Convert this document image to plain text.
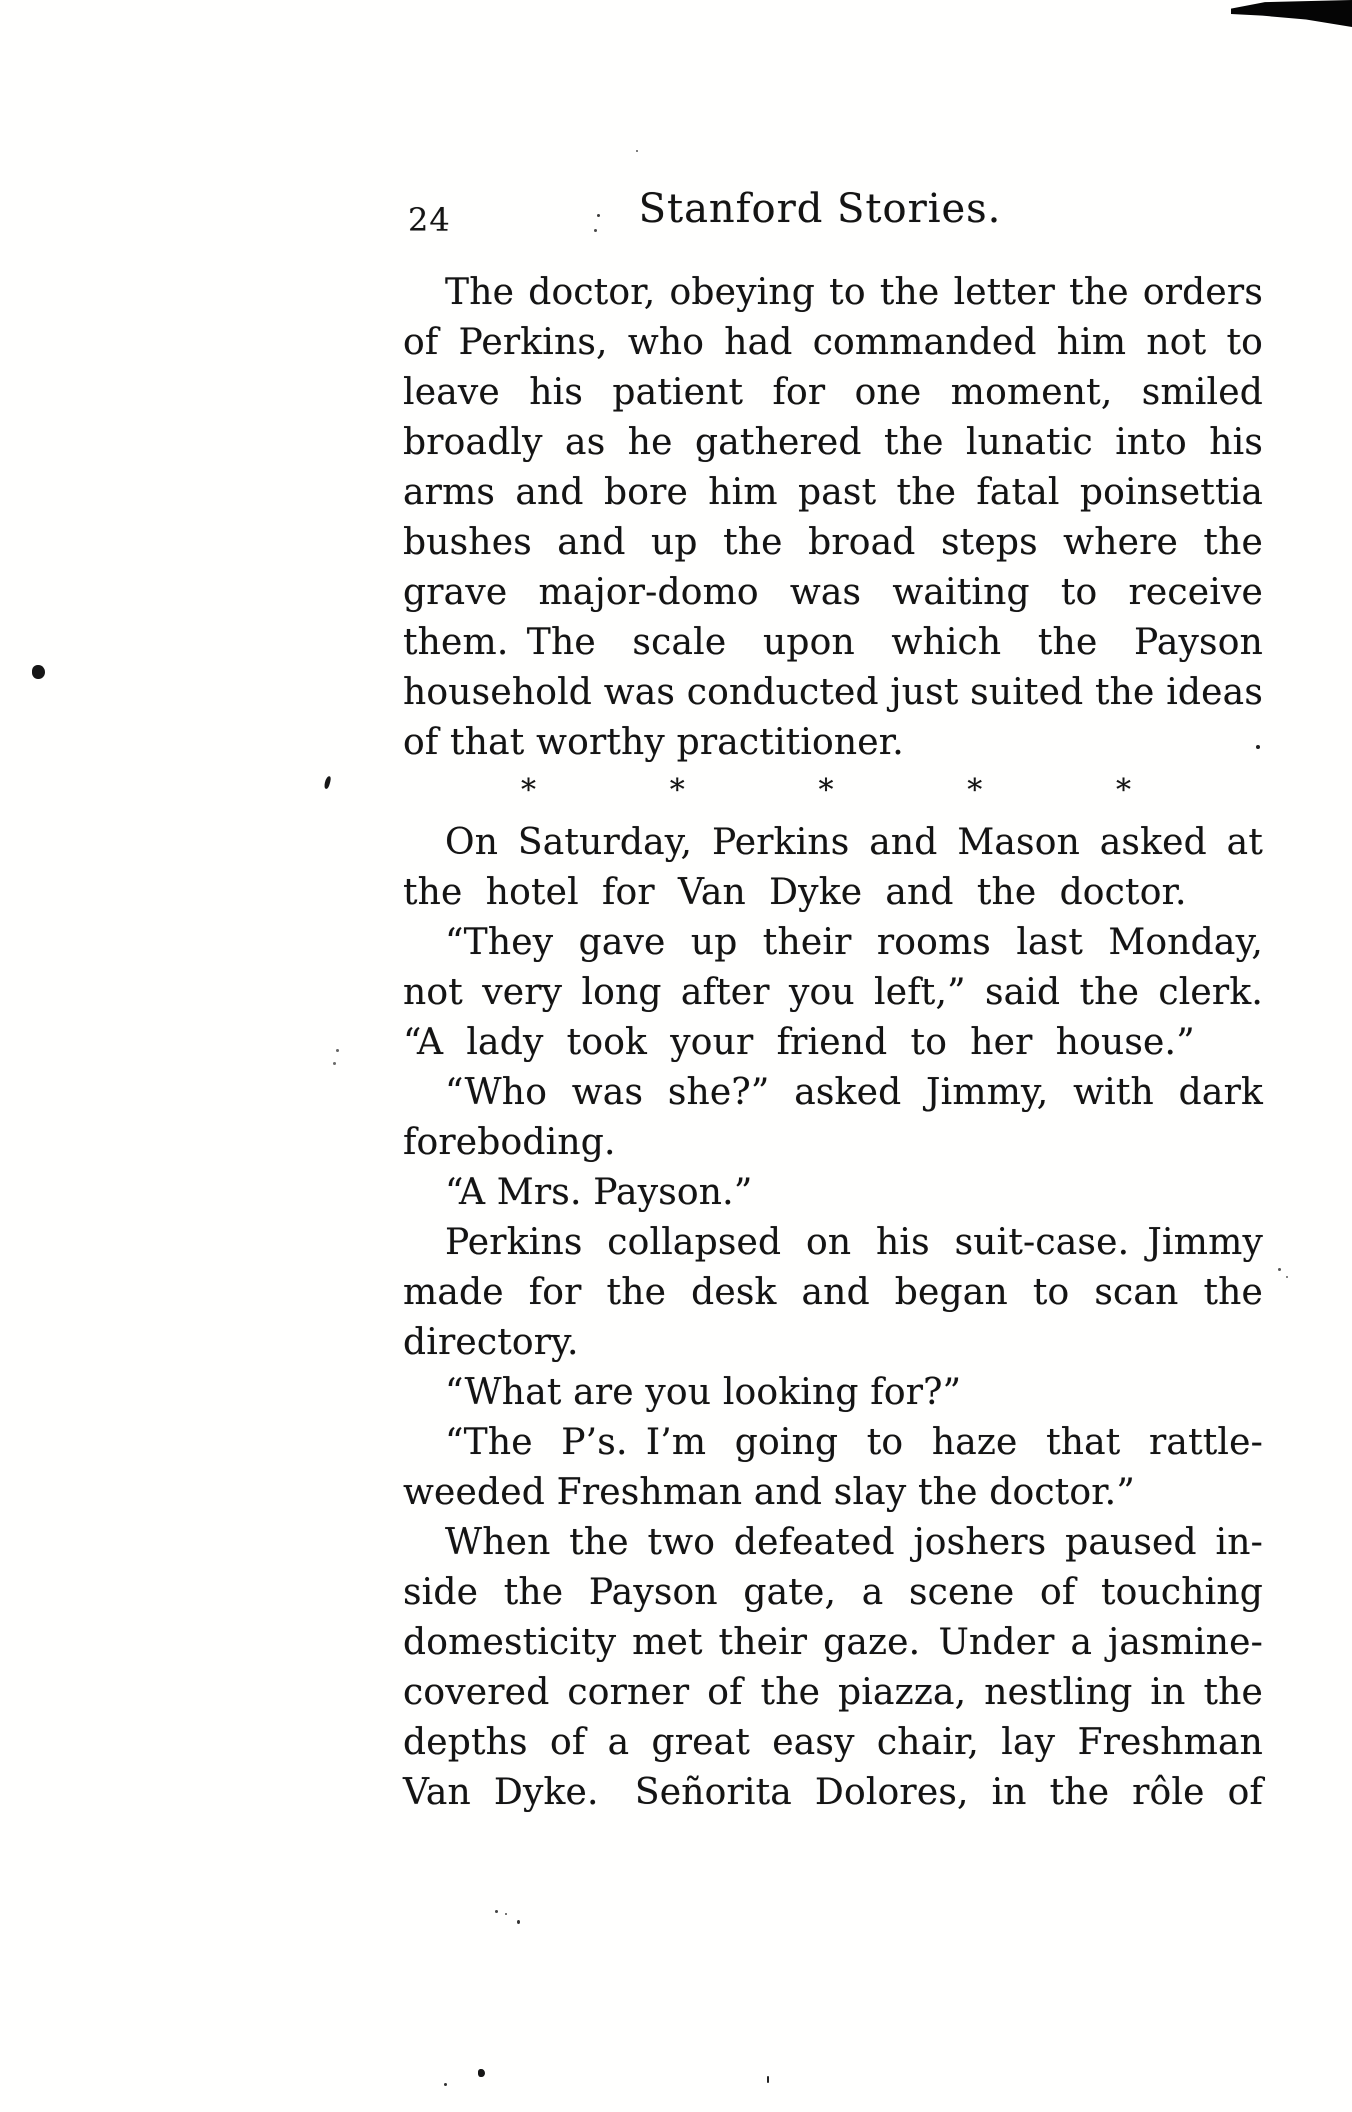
24	Stanford Stories.
The doctor, obeying to the letter the orders
of Perkins, who had commanded him not to
leave his patient for one moment, smiled
broadly as he gathered the lunatic into his
arms and bore him past the fatal poinsettia
bushes and up the broad steps where the
grave major-domo was waiting to receive
them. The scale upon which the Payson
household was conducted just suited the ideas
of that worthy practitioner.
*	*	*	*	*
On Saturday, Perkins and Mason asked at
the hotel for Van Dyke and the doctor.
“They gave up their rooms last Monday,
not very long after you left,” said the clerk.
“A lady took your friend to her house.”
“Who was she?” asked Jimmy, with dark
foreboding.
“A Mrs. Payson.”
Perkins collapsed on his suit-case. Jimmy
made for the desk and began to scan the
directory.
“What are you looking for?”
“The P’s. I’m going to haze that rattle-
weeded Freshman and slay the doctor.”
When the two defeated joshers paused in-
side the Payson gate, a scene of touching
domesticity met their gaze. Under a jasmine-
covered corner of the piazza, nestling in the
depths of a great easy chair, lay Freshman
Van Dyke. Señorita Dolores, in the rôle of
